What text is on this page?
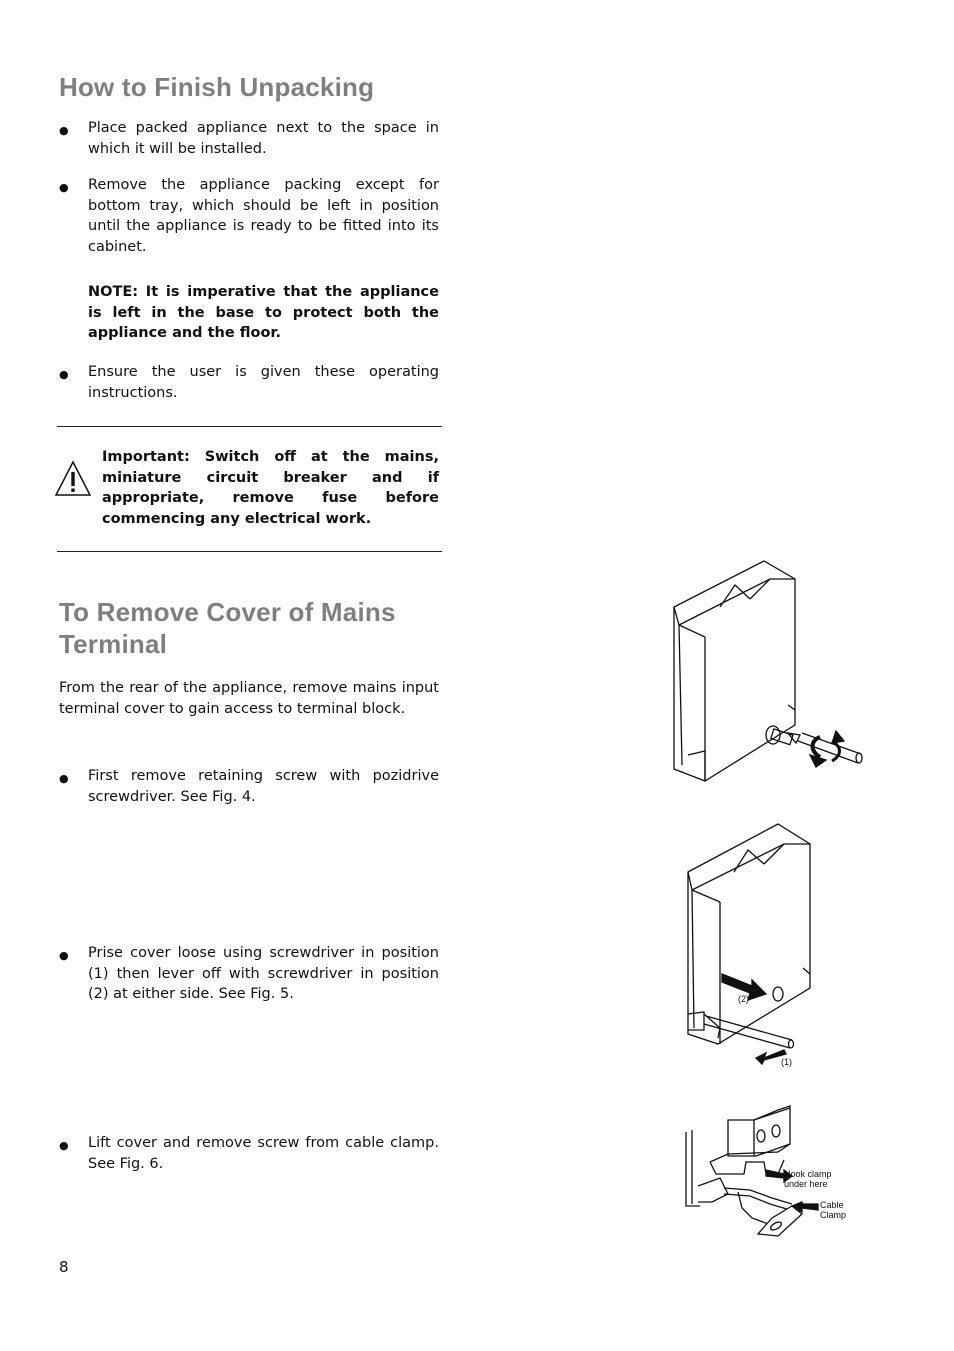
How to Finish Unpacking
●

Place packed appliance next to the space in which it will be installed.

●

Remove the appliance packing except for bottom tray, which should be left in position until the appliance is ready to be fitted into its cabinet.

NOTE: It is imperative that the appliance is left in the base to protect both the appliance and the floor.

●

Ensure the user is given these operating instructions.

Important: Switch off at the mains, miniature circuit breaker and if appropriate, remove fuse before commencing any electrical work.

To Remove Cover of Mains
Terminal

From the rear of the appliance, remove mains input terminal cover to gain access to terminal block.

●

First remove retaining screw with pozidrive screwdriver. See Fig. 4.

●

Prise cover loose using screwdriver in position (1) then lever off with screwdriver in position (2) at either side. See Fig. 5.

●

Lift cover and remove screw from cable clamp. See Fig. 6.

(2)
(1)
Hook clamp
under here
Cable
Clamp
8
